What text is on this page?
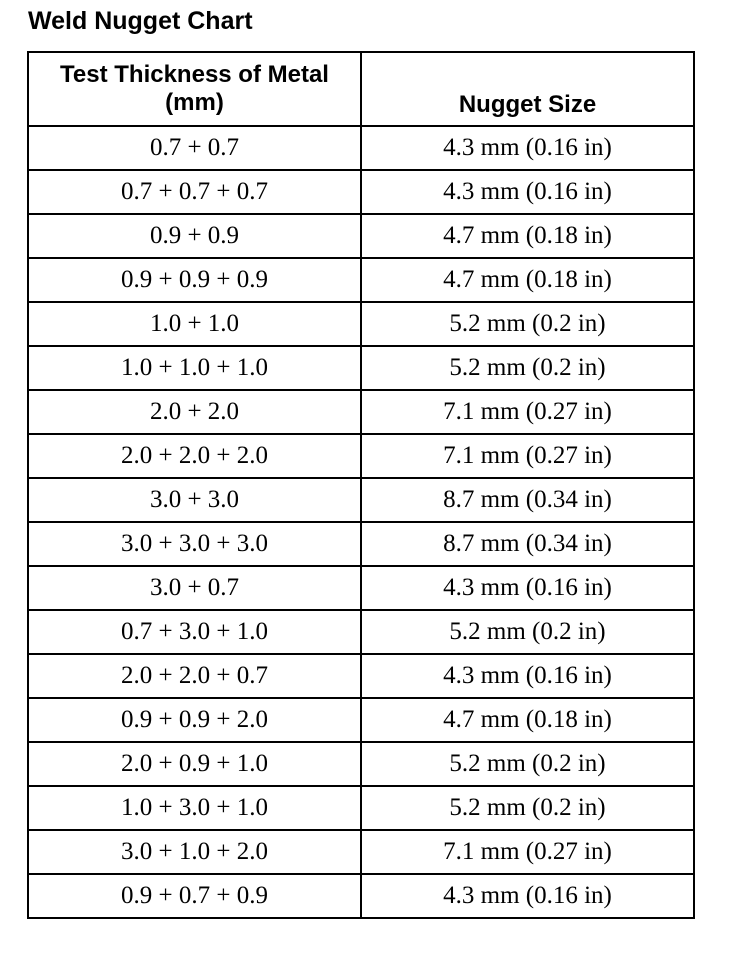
Weld Nugget Chart
Test Thickness of Metal (mm)	Nugget Size
0.7 + 0.7	4.3 mm (0.16 in)
0.7 + 0.7 + 0.7	4.3 mm (0.16 in)
0.9 + 0.9	4.7 mm (0.18 in)
0.9 + 0.9 + 0.9	4.7 mm (0.18 in)
1.0 + 1.0	5.2 mm (0.2 in)
1.0 + 1.0 + 1.0	5.2 mm (0.2 in)
2.0 + 2.0	7.1 mm (0.27 in)
2.0 + 2.0 + 2.0	7.1 mm (0.27 in)
3.0 + 3.0	8.7 mm (0.34 in)
3.0 + 3.0 + 3.0	8.7 mm (0.34 in)
3.0 + 0.7	4.3 mm (0.16 in)
0.7 + 3.0 + 1.0	5.2 mm (0.2 in)
2.0 + 2.0 + 0.7	4.3 mm (0.16 in)
0.9 + 0.9 + 2.0	4.7 mm (0.18 in)
2.0 + 0.9 + 1.0	5.2 mm (0.2 in)
1.0 + 3.0 + 1.0	5.2 mm (0.2 in)
3.0 + 1.0 + 2.0	7.1 mm (0.27 in)
0.9 + 0.7 + 0.9	4.3 mm (0.16 in)
